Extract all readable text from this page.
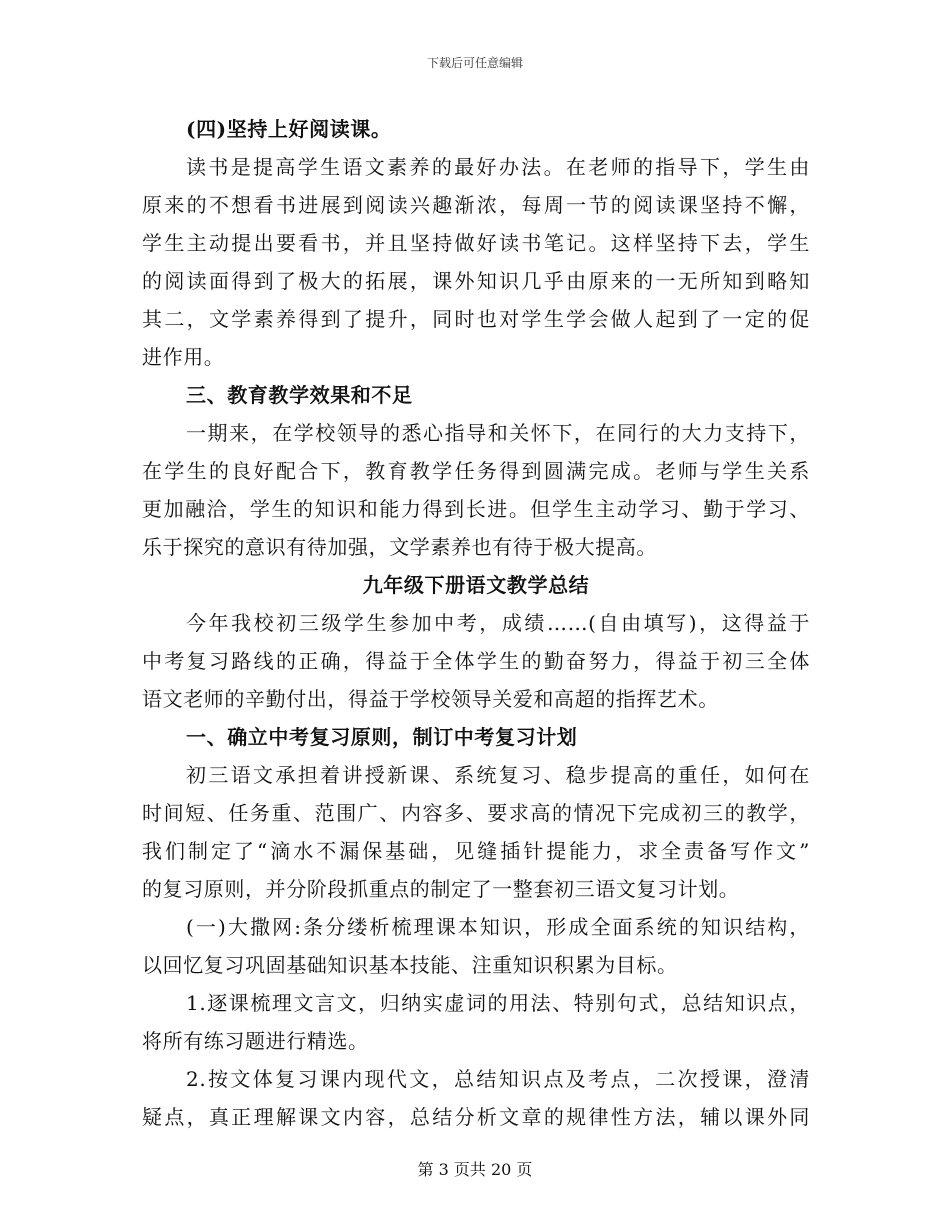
下载后可任意编辑
(四)坚持上好阅读课。
读书是提高学生语文素养的最好办法。在老师的指导下，学生由
原来的不想看书进展到阅读兴趣渐浓，每周一节的阅读课坚持不懈，
学生主动提出要看书，并且坚持做好读书笔记。这样坚持下去，学生
的阅读面得到了极大的拓展，课外知识几乎由原来的一无所知到略知
其二，文学素养得到了提升，同时也对学生学会做人起到了一定的促
进作用。
三、教育教学效果和不足
一期来，在学校领导的悉心指导和关怀下，在同行的大力支持下，
在学生的良好配合下，教育教学任务得到圆满完成。老师与学生关系
更加融洽，学生的知识和能力得到长进。但学生主动学习、勤于学习、
乐于探究的意识有待加强，文学素养也有待于极大提高。
九年级下册语文教学总结
今年我校初三级学生参加中考，成绩……(自由填写)，这得益于
中考复习路线的正确，得益于全体学生的勤奋努力，得益于初三全体
语文老师的辛勤付出，得益于学校领导关爱和高超的指挥艺术。
一、确立中考复习原则，制订中考复习计划
初三语文承担着讲授新课、系统复习、稳步提高的重任，如何在
时间短、任务重、范围广、内容多、要求高的情况下完成初三的教学，
我们制定了“滴水不漏保基础，见缝插针提能力，求全责备写作文”
的复习原则，并分阶段抓重点的制定了一整套初三语文复习计划。
(一)大撒网:条分缕析梳理课本知识，形成全面系统的知识结构，
以回忆复习巩固基础知识基本技能、注重知识积累为目标。
1.逐课梳理文言文，归纳实虚词的用法、特别句式，总结知识点，
将所有练习题进行精选。
2.按文体复习课内现代文，总结知识点及考点，二次授课，澄清
疑点，真正理解课文内容，总结分析文章的规律性方法，辅以课外同
第 3 页共 20 页
